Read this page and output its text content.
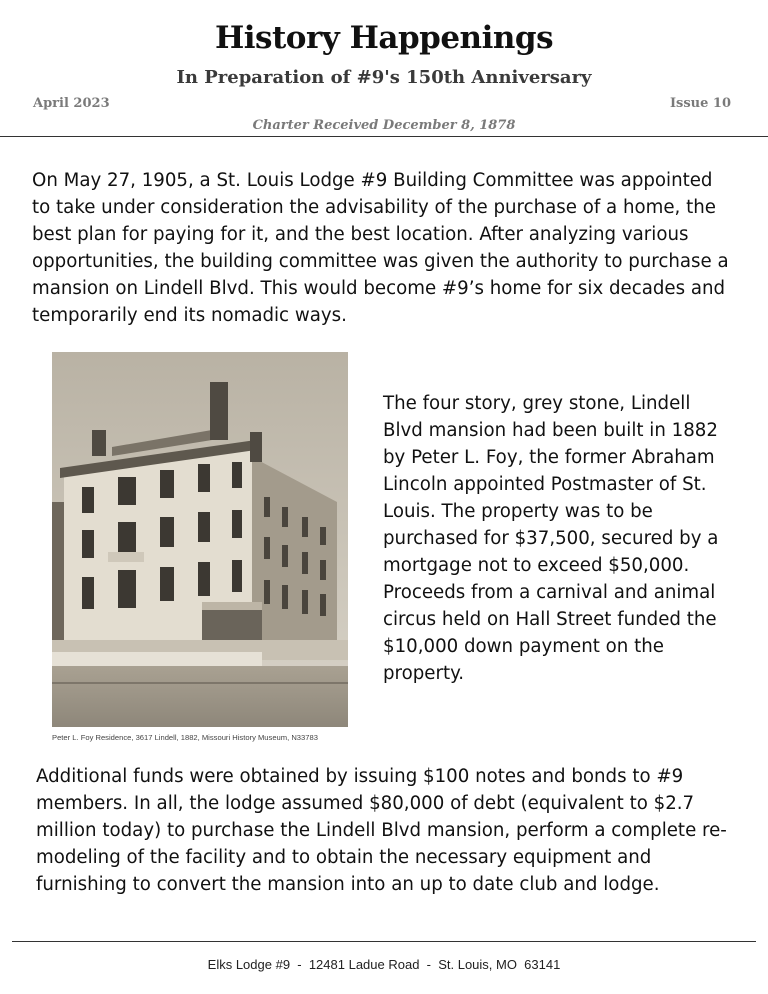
History Happenings
In Preparation of #9's 150th Anniversary
April 2023	Issue 10
Charter Received December 8, 1878
On May 27, 1905, a St. Louis Lodge #9 Building Committee was appointed to take under consideration the advisability of the purchase of a home, the best plan for paying for it, and the best location. After analyzing various opportunities, the building committee was given the authority to purchase a mansion on Lindell Blvd. This would become #9’s home for six decades and temporarily end its nomadic ways.
Peter L. Foy Residence, 3617 Lindell, 1882, Missouri History Museum, N33783
The four story, grey stone, Lindell Blvd mansion had been built in 1882 by Peter L. Foy, the former Abraham Lincoln appointed Postmaster of St. Louis. The property was to be purchased for $37,500, secured by a mortgage not to exceed $50,000. Proceeds from a carnival and animal circus held on Hall Street funded the $10,000 down payment on the property.
Additional funds were obtained by issuing $100 notes and bonds to #9 members. In all, the lodge assumed $80,000 of debt (equivalent to $2.7 million today) to purchase the Lindell Blvd mansion, perform a complete re-modeling of the facility and to obtain the necessary equipment and furnishing to convert the mansion into an up to date club and lodge.
Elks Lodge #9  -  12481 Ladue Road  -  St. Louis, MO  63141
